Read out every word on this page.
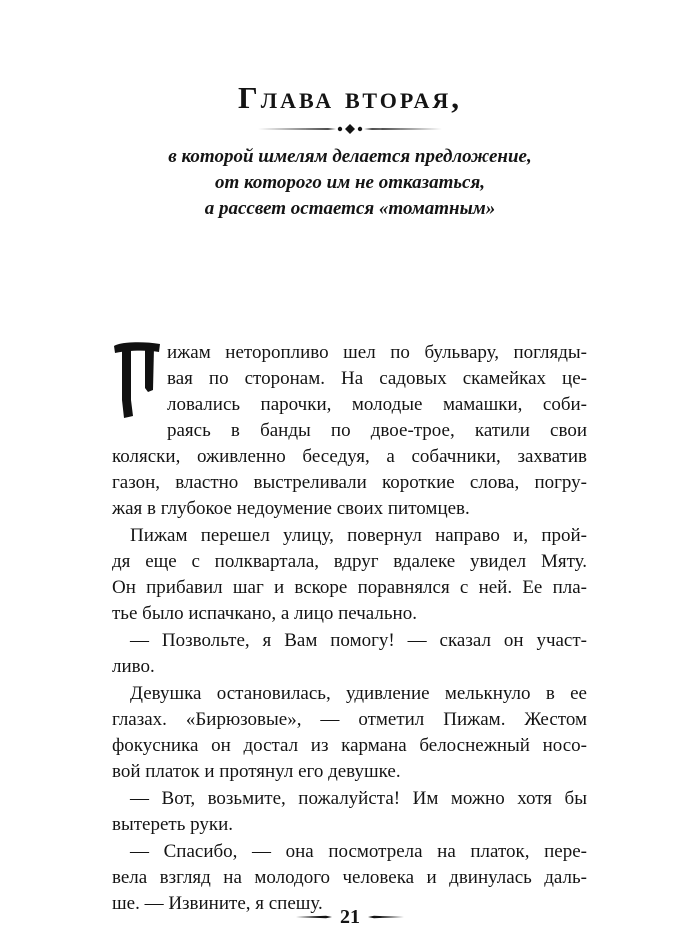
Глава вторая,
в которой шмелям делается предложение,
от которого им не отказаться,
а рассвет остается «томатным»
ижам неторопливо шел по бульвару, погляды-
вая по сторонам. На садовых скамейках це-
ловались парочки, молодые мамашки, соби-
раясь в банды по двое-трое, катили свои
коляски, оживленно беседуя, а собачники, захватив
газон, властно выстреливали короткие слова, погру-
жая в глубокое недоумение своих питомцев.
Пижам перешел улицу, повернул направо и, прой-
дя еще с полквартала, вдруг вдалеке увидел Мяту.
Он прибавил шаг и вскоре поравнялся с ней. Ее пла-
тье было испачкано, а лицо печально.
— Позвольте, я Вам помогу! — сказал он участ-
ливо.
Девушка остановилась, удивление мелькнуло в ее
глазах. «Бирюзовые», — отметил Пижам. Жестом
фокусника он достал из кармана белоснежный носо-
вой платок и протянул его девушке.
— Вот, возьмите, пожалуйста! Им можно хотя бы
вытереть руки.
— Спасибо, — она посмотрела на платок, пере-
вела взгляд на молодого человека и двинулась даль-
ше. — Извините, я спешу.
21
